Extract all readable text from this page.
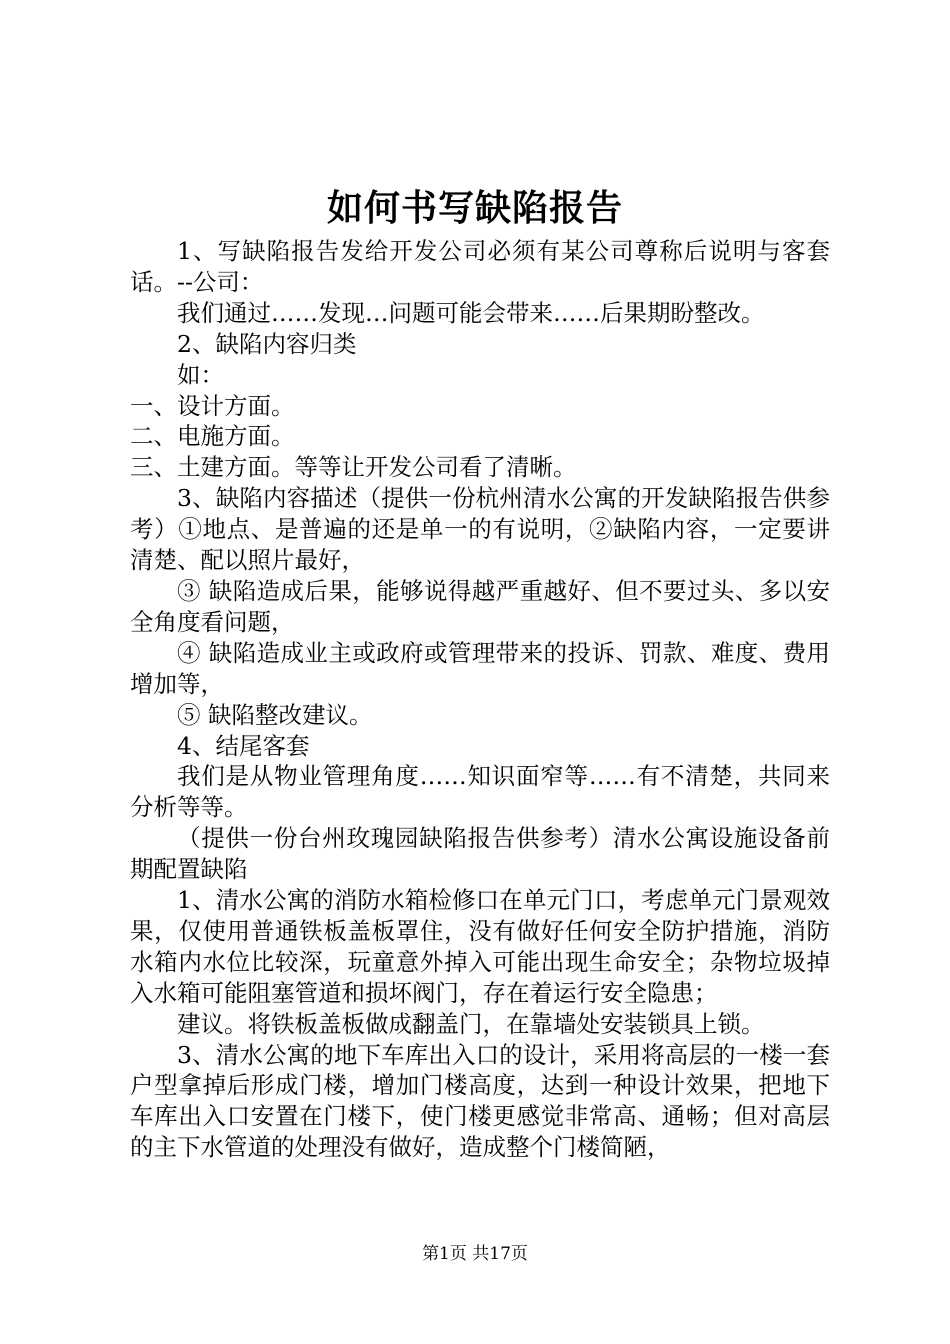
如何书写缺陷报告

1、写缺陷报告发给开发公司必须有某公司尊称后说明与客套话。--公司：

我们通过……发现…问题可能会带来……后果期盼整改。

2、缺陷内容归类

如：

一、设计方面。

二、电施方面。

三、土建方面。等等让开发公司看了清晰。

3、缺陷内容描述（提供一份杭州清水公寓的开发缺陷报告供参考）①地点、是普遍的还是单一的有说明，②缺陷内容，一定要讲清楚、配以照片最好，

③ 缺陷造成后果，能够说得越严重越好、但不要过头、多以安全角度看问题，

④ 缺陷造成业主或政府或管理带来的投诉、罚款、难度、费用增加等，

⑤ 缺陷整改建议。

4、结尾客套

我们是从物业管理角度……知识面窄等……有不清楚，共同来分析等等。

（提供一份台州玫瑰园缺陷报告供参考）清水公寓设施设备前期配置缺陷

1、清水公寓的消防水箱检修口在单元门口，考虑单元门景观效果，仅使用普通铁板盖板罩住，没有做好任何安全防护措施，消防水箱内水位比较深，玩童意外掉入可能出现生命安全；杂物垃圾掉入水箱可能阻塞管道和损坏阀门，存在着运行安全隐患；

建议。将铁板盖板做成翻盖门，在靠墙处安装锁具上锁。

3、清水公寓的地下车库出入口的设计，采用将高层的一楼一套户型拿掉后形成门楼，增加门楼高度，达到一种设计效果，把地下车库出入口安置在门楼下，使门楼更感觉非常高、通畅；但对高层的主下水管道的处理没有做好，造成整个门楼简陋，

第1页 共17页
